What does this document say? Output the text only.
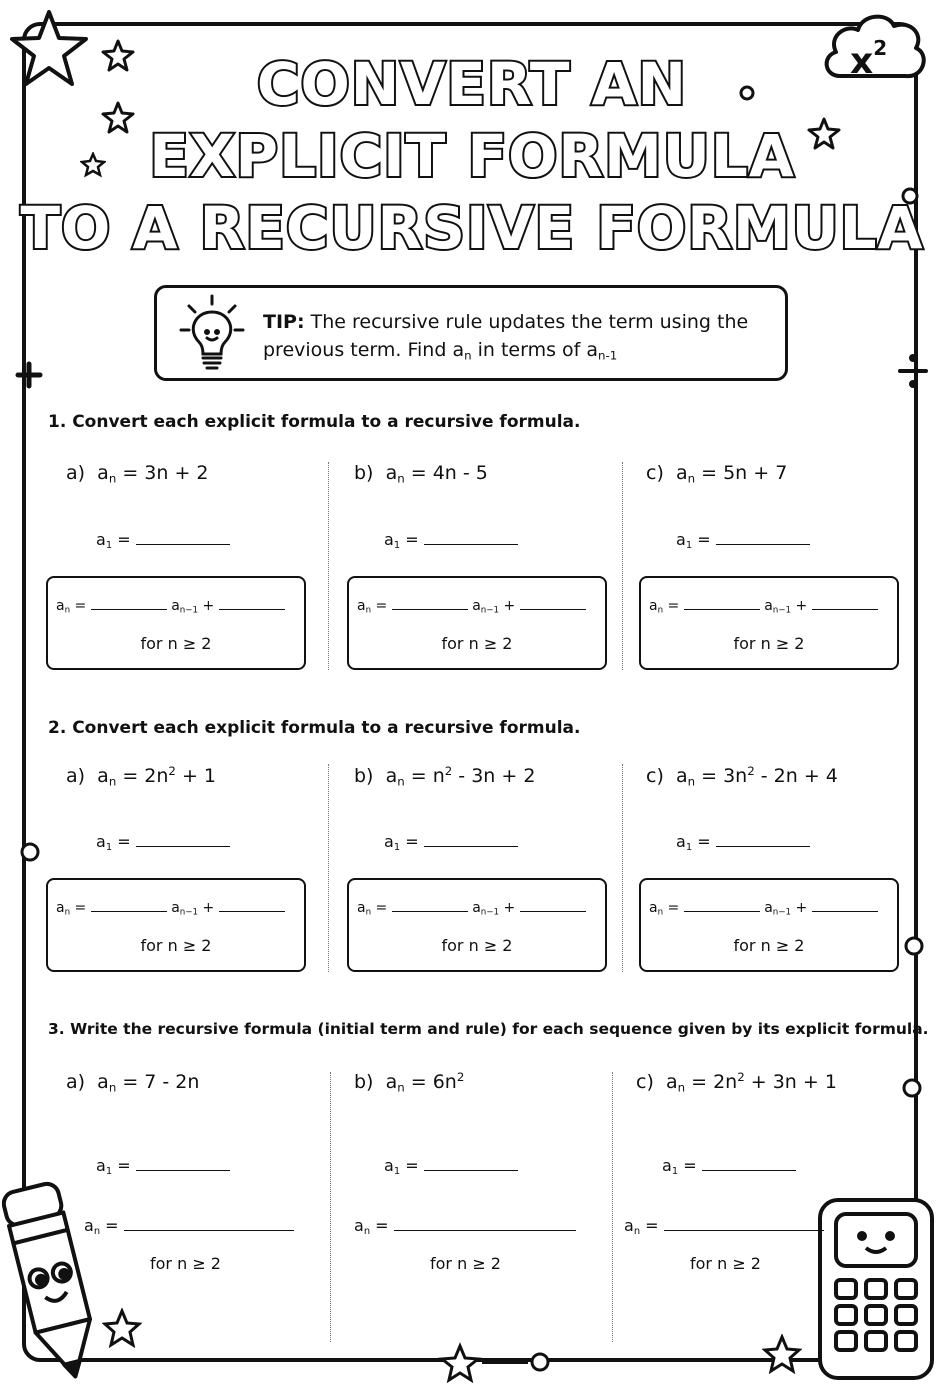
$x^2$
CONVERT AN
EXPLICIT FORMULA
TO A RECURSIVE FORMULA
TIP: The recursive rule updates the term using the
previous term. Find $a_n$ in terms of $a_{n-1}$
1. Convert each explicit formula to a recursive formula.
a) $a_n = 3n + 2$
$a_1$ =
$a_n$ =	$a_{n-1}$ +
for n ≥ 2
b) $a_n = 4n - 5$
$a_1$ =
$a_n$ =	$a_{n-1}$ +
for n ≥ 2
c) $a_n = 5n + 7$
$a_1$ =
$a_n$ =	$a_{n-1}$ +
for n ≥ 2
2. Convert each explicit formula to a recursive formula.
a) $a_n = 2n^2 + 1$
$a_1$ =
$a_n$ =	$a_{n-1}$ +
for n ≥ 2
b) $a_n = n^2 - 3n + 2$
$a_1$ =
$a_n$ =	$a_{n-1}$ +
for n ≥ 2
c) $a_n = 3n^2 - 2n + 4$
$a_1$ =
$a_n$ =	$a_{n-1}$ +
for n ≥ 2
3. Write the recursive formula (initial term and rule) for each sequence given by its explicit formula.
a) $a_n = 7 - 2n$
$a_1$ =
$a_n$ =
for n ≥ 2
b) $a_n = 6n^2$
$a_1$ =
$a_n$ =
for n ≥ 2
c) $a_n = 2n^2 + 3n + 1$
$a_1$ =
$a_n$ =
for n ≥ 2
